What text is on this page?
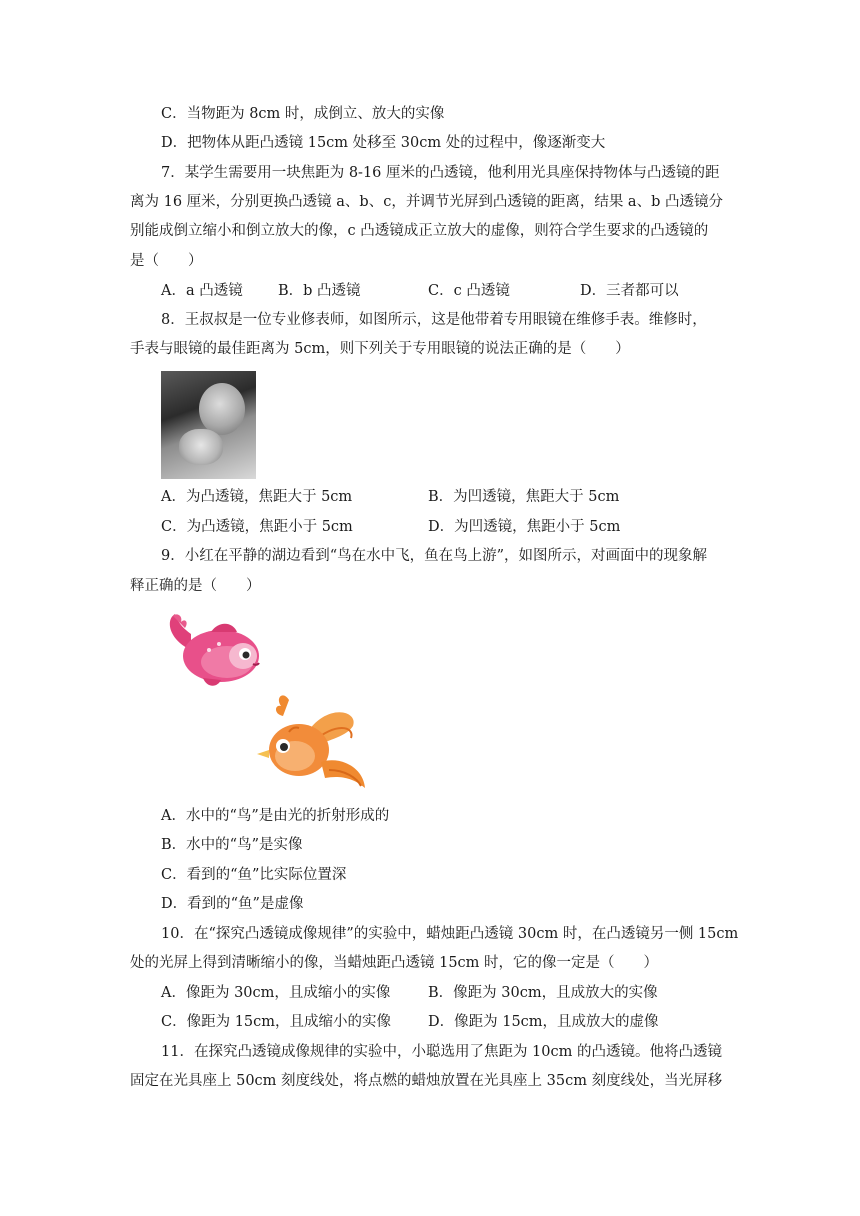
C．当物距为 8cm 时，成倒立、放大的实像
D．把物体从距凸透镜 15cm 处移至 30cm 处的过程中，像逐渐变大
7．某学生需要用一块焦距为 8-16 厘米的凸透镜，他利用光具座保持物体与凸透镜的距
离为 16 厘米，分别更换凸透镜 a、b、c，并调节光屏到凸透镜的距离，结果 a、b 凸透镜分
别能成倒立缩小和倒立放大的像，c 凸透镜成正立放大的虚像，则符合学生要求的凸透镜的
是（　　）
A．a 凸透镜 B．b 凸透镜	C．c 凸透镜	D．三者都可以
8．王叔叔是一位专业修表师，如图所示，这是他带着专用眼镜在维修手表。维修时，
手表与眼镜的最佳距离为 5cm，则下列关于专用眼镜的说法正确的是（　　）
A．为凸透镜，焦距大于 5cm	B．为凹透镜，焦距大于 5cm
C．为凸透镜，焦距小于 5cm	D．为凹透镜，焦距小于 5cm
9．小红在平静的湖边看到“鸟在水中飞，鱼在鸟上游”，如图所示，对画面中的现象解
释正确的是（　　）
A．水中的“鸟”是由光的折射形成的
B．水中的“鸟”是实像
C．看到的“鱼”比实际位置深
D．看到的“鱼”是虚像
10．在“探究凸透镜成像规律”的实验中，蜡烛距凸透镜 30cm 时，在凸透镜另一侧 15cm
处的光屏上得到清晰缩小的像，当蜡烛距凸透镜 15cm 时，它的像一定是（　　）
A．像距为 30cm，且成缩小的实像	B．像距为 30cm，且成放大的实像
C．像距为 15cm，且成缩小的实像	D．像距为 15cm，且成放大的虚像
11．在探究凸透镜成像规律的实验中，小聪选用了焦距为 10cm 的凸透镜。他将凸透镜
固定在光具座上 50cm 刻度线处，将点燃的蜡烛放置在光具座上 35cm 刻度线处，当光屏移
